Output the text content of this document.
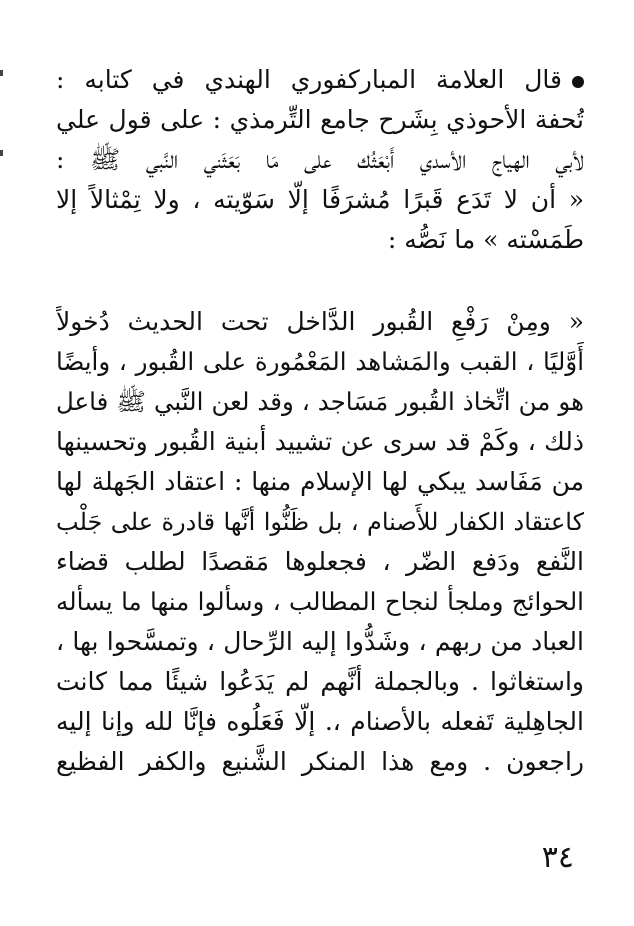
قال العلامة المباركفوري الهندي في كتابه :
تُحفة الأحوذي بِشَرح جامع التِّرمذي : على قول علي
لأبي الهياج الأسدي أَبْعَثُك على مَا بَعَثَني النَّبي ﷺ :
« أن لا تَدَع قَبرًا مُشرَفًا إلّا سَوّيته ، ولا تِمْثالاً إلا
طَمَسْته » ما نَصُّه :
« ومِنْ رَفْعِ القُبور الدَّاخل تحت الحديث دُخولاً
أَوَّليًا ، القبب والمَشاهد المَعْمُورة على القُبور ، وأيضًا
هو من اتِّخاذ القُبور مَسَاجد ، وقد لعن النَّبي ﷺ فاعل
ذلك ، وكَمْ قد سرى عن تشييد أبنية القُبور وتحسينها
من مَفَاسد يبكي لها الإسلام منها : اعتقاد الجَهلة لها
كاعتقاد الكفار للأَصنام ، بل ظَنُّوا أنَّها قادرة على جَلْب
النَّفع ودَفع الضّر ، فجعلوها مَقصدًا لطلب قضاء
الحوائج وملجأ لنجاح المطالب ، وسألوا منها ما يسأله
العباد من ربهم ، وشَدُّوا إليه الرِّحال ، وتمسَّحوا بها ،
واستغاثوا . وبالجملة أنَّهم لم يَدَعُوا شيئًا مما كانت
الجاهِلية تَفعله بالأصنام ،. إلّا فَعَلُوه فإنَّا لله وإنا إليه
راجعون . ومع هذا المنكر الشَّنيع والكفر الفظيع
٣٤
